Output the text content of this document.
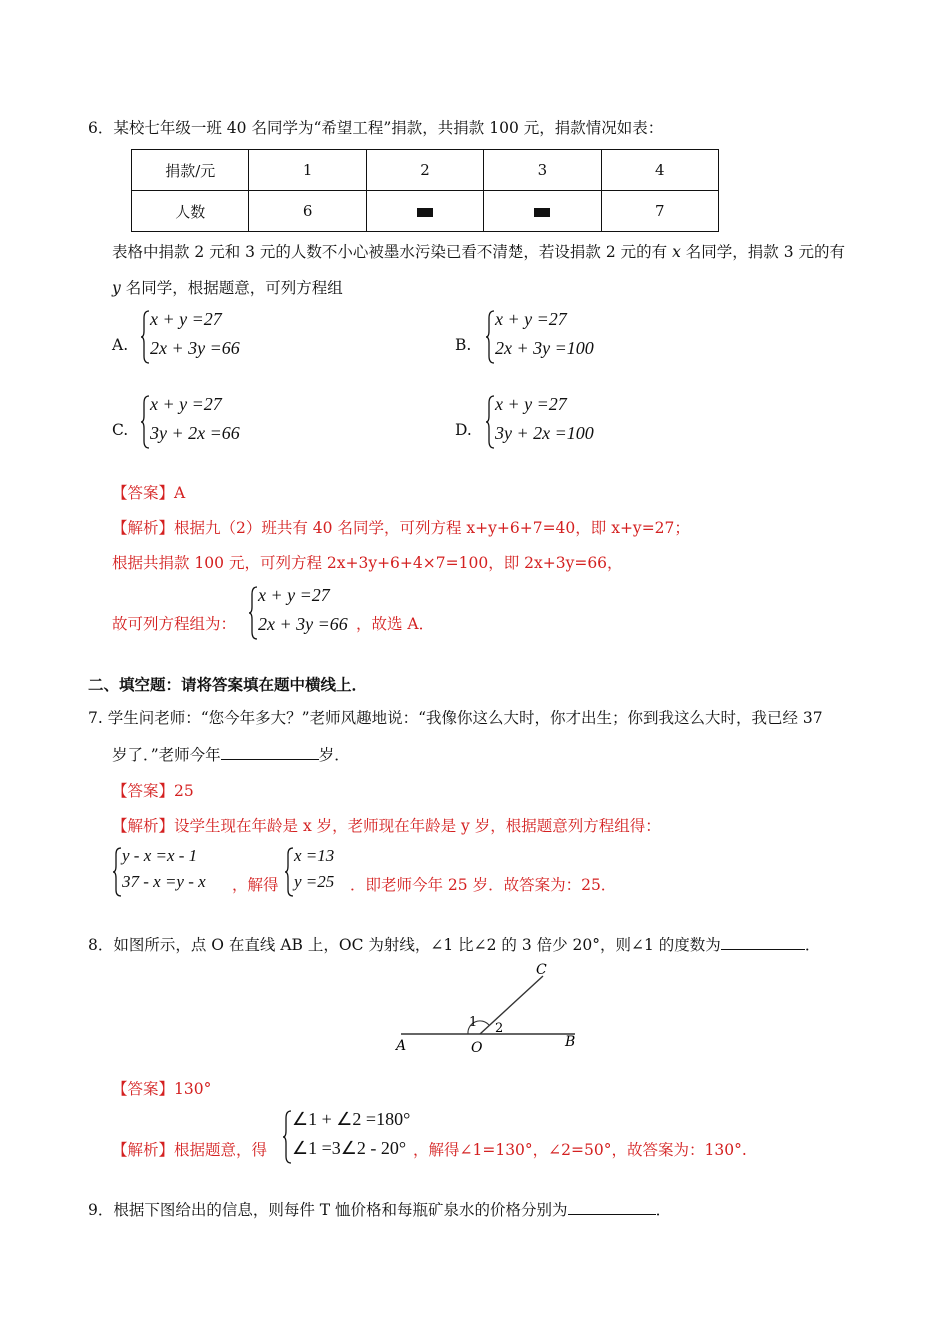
6．某校七年级一班 40 名同学为“希望工程”捐款，共捐款 100 元，捐款情况如表：
捐款/元	1	2	3	4
人数	6			7
表格中捐款 2 元和 3 元的人数不小心被墨水污染已看不清楚，若设捐款 2 元的有 x 名同学，捐款 3 元的有
y 名同学，根据题意，可列方程组
A.
x + y =27
2x + 3y =66	B.
x + y =27
2x + 3y =100
C.
x + y =27
3y + 2x =66	D.
x + y =27
3y + 2x =100
【答案】A
【解析】根据九（2）班共有 40 名同学，可列方程 x+y+6+7=40，即 x+y=27；
根据共捐款 100 元，可列方程 2x+3y+6+4×7=100，即 2x+3y=66，
故可列方程组为：
x + y =27
2x + 3y =66 ，故选 A．
二、填空题：请将答案填在题中横线上．
7. 学生问老师：“您今年多大？”老师风趣地说：“我像你这么大时，你才出生；你到我这么大时，我已经 37
岁了．”老师今年	岁．
【答案】25
【解析】设学生现在年龄是 x 岁，老师现在年龄是 y 岁，根据题意列方程组得：
y - x =x - 1
37 - x =y - x ，解得
x =13
y =25 ．即老师今年 25 岁．故答案为：25．
8．如图所示，点 O 在直线 AB 上，OC 为射线，∠1 比∠2 的 3 倍少 20°，则∠1 的度数为	．
A	O	B
C
1 2
【答案】130°
【解析】根据题意，得
∠1 + ∠2 =180°
∠1 =3∠2 - 20° ，解得∠1=130°，∠2=50°，故答案为：130°.
9．根据下图给出的信息，则每件 T 恤价格和每瓶矿泉水的价格分别为	．
